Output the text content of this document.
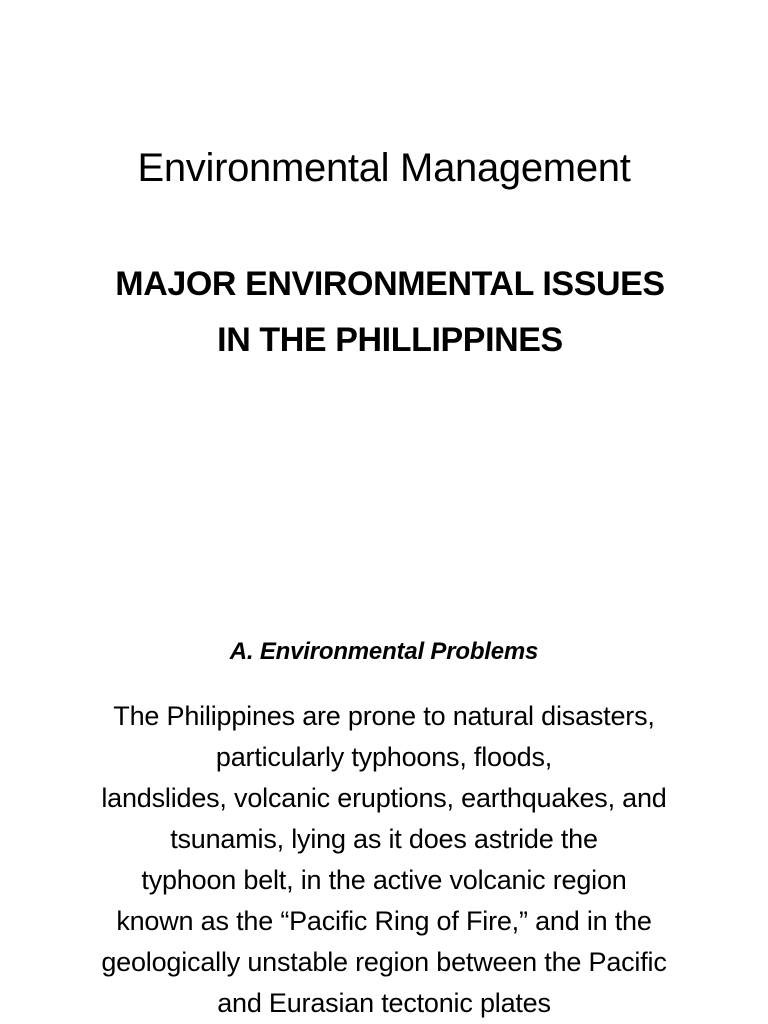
Environmental Management
MAJOR ENVIRONMENTAL ISSUES
IN THE PHILLIPPINES
A. Environmental Problems

The Philippines are prone to natural disasters,
particularly typhoons, floods,
landslides, volcanic eruptions, earthquakes, and
tsunamis, lying as it does astride the
typhoon belt, in the active volcanic region
known as the “Pacific Ring of Fire,” and in the
geologically unstable region between the Pacific
and Eurasian tectonic plates
